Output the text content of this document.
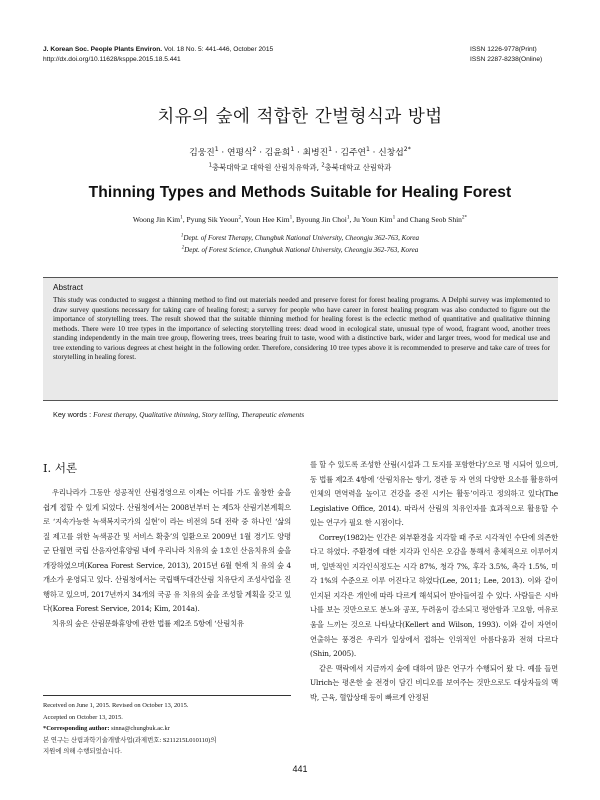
J. Korean Soc. People Plants Environ. Vol. 18 No. 5: 441-446, October 2015
http://dx.doi.org/10.11628/ksppe.2015.18.5.441
ISSN 1226-9778(Print)
ISSN 2287-8238(Online)
치유의 숲에 적합한 간벌형식과 방법
김웅진$^1$ · 연평식$^2$ · 김윤희$^1$ · 최병진$^1$ · 김주연$^1$ · 신창섭$^{2*}$
$^1$충북대학교 대학원 산림치유학과, $^2$충북대학교 산림학과
Thinning Types and Methods Suitable for Healing Forest
Woong Jin Kim$^1$, Pyung Sik Yeoun$^2$, Youn Hee Kim$^1$, Byoung Jin Choi$^1$, Ju Youn Kim$^1$ and Chang Seob Shin$^{2*}$
$^1$Dept. of Forest Therapy, Chungbuk National University, Cheongju 362-763, Korea
$^2$Dept. of Forest Science, Chungbuk National University, Cheongju 362-763, Korea
Abstract
This study was conducted to suggest a thinning method to find out materials needed and preserve forest for forest healing programs. A Delphi survey was implemented to draw survey questions necessary for taking care of healing forest; a survey for people who have career in forest healing program was also conducted to figure out the importance of storytelling trees. The result showed that the suitable thinning method for healing forest is the eclectic method of quantitative and qualitative thinning methods. There were 10 tree types in the importance of selecting storytelling trees: dead wood in ecological state, unusual type of wood, fragrant wood, another trees standing independently in the main tree group, flowering trees, trees bearing fruit to taste, wood with a distinctive bark, wider and larger trees, wood for medical use and tree extending to various degrees at chest height in the following order. Therefore, considering 10 tree types above it is recommended to preserve and take care of trees for storytelling in healing forest.
Key words : Forest therapy, Qualitative thinning, Story telling, Therapeutic elements
Ⅰ. 서론

우리나라가 그동안 성공적인 산림경영으로 이제는 어디를 가도 울창한 숲을 쉽게 접할 수 있게 되었다. 산림청에서는 2008년부터 는 제5차 산림기본계획으로 ‘지속가능한 녹색복지국가의 실현’이 라는 비전의 5대 전략 중 하나인 ‘삶의 질 제고를 위한 녹색공간 및 서비스 확충’의 일환으로 2009년 1월 경기도 양평군 단월면 국립 산음자연휴양림 내에 우리나라 치유의 숲 1호인 산음치유의 숲을 개장하였으며(Korea Forest Service, 2013), 2015년 6월 현재 치 유의 숲 4개소가 운영되고 있다. 산림청에서는 국립백두대간산림 치유단지 조성사업을 진행하고 있으며, 2017년까지 34개의 국공 유 치유의 숲을 조성할 계획을 갖고 있다(Korea Forest Service, 2014; Kim, 2014a).

치유의 숲은 산림문화휴양에 관한 법률 제2조 5항에 ‘산림치유

를 할 수 있도록 조성한 산림(시설과 그 토지를 포함한다)’으로 명 시되어 있으며, 동 법률 제2조 4항에 ‘산림치유는 향기, 경관 등 자 연의 다양한 요소를 활용하여 인체의 면역력을 높이고 건강을 증진 시키는 활동’이라고 정의하고 있다(The Legislative Office, 2014). 따라서 산림의 치유인자를 효과적으로 활용할 수 있는 연구가 필요 한 시점이다.

Correy(1982)는 인간은 외부환경을 지각할 때 주로 시각적인 수단에 의존한다고 하였다. 주환경에 대한 지각과 인식은 오감을 통해서 총체적으로 이루어지며, 일반적인 지각인식정도는 시각 87%, 청각 7%, 후각 3.5%, 촉각 1.5%, 미각 1%의 수준으로 이루 어진다고 하였다(Lee, 2011; Lee, 2013). 이와 같이 인지된 지각은 개인에 따라 다르게 해석되어 받아들여질 수 있다. 사람들은 시바 나를 보는 것만으로도 분노와 공포, 두려움이 감소되고 평안함과 고요함, 여유로움을 느끼는 것으로 나타났다(Kellert and Wilson, 1993). 이와 같이 자연이 연출하는 풍경은 우리가 일상에서 접하는 인위적인 아름다움과 전혀 다르다(Shin, 2005).

같은 맥락에서 지금까지 숲에 대하여 많은 연구가 수행되어 왔 다. 예를 들면 Ulrich는 평온한 숲 전경이 담긴 비디오를 보여주는 것만으로도 대상자들의 맥박, 근육, 혈압상태 등이 빠르게 안정된

Received on June 1, 2015. Revised on October 13, 2015.
Accepted on October 13, 2015.
*Corresponding author: sinna@chungbuk.ac.kr
본 연구는 산림과학기술개발사업(과제번호: S211215L010110)의
지원에 의해 수행되었습니다.
441
